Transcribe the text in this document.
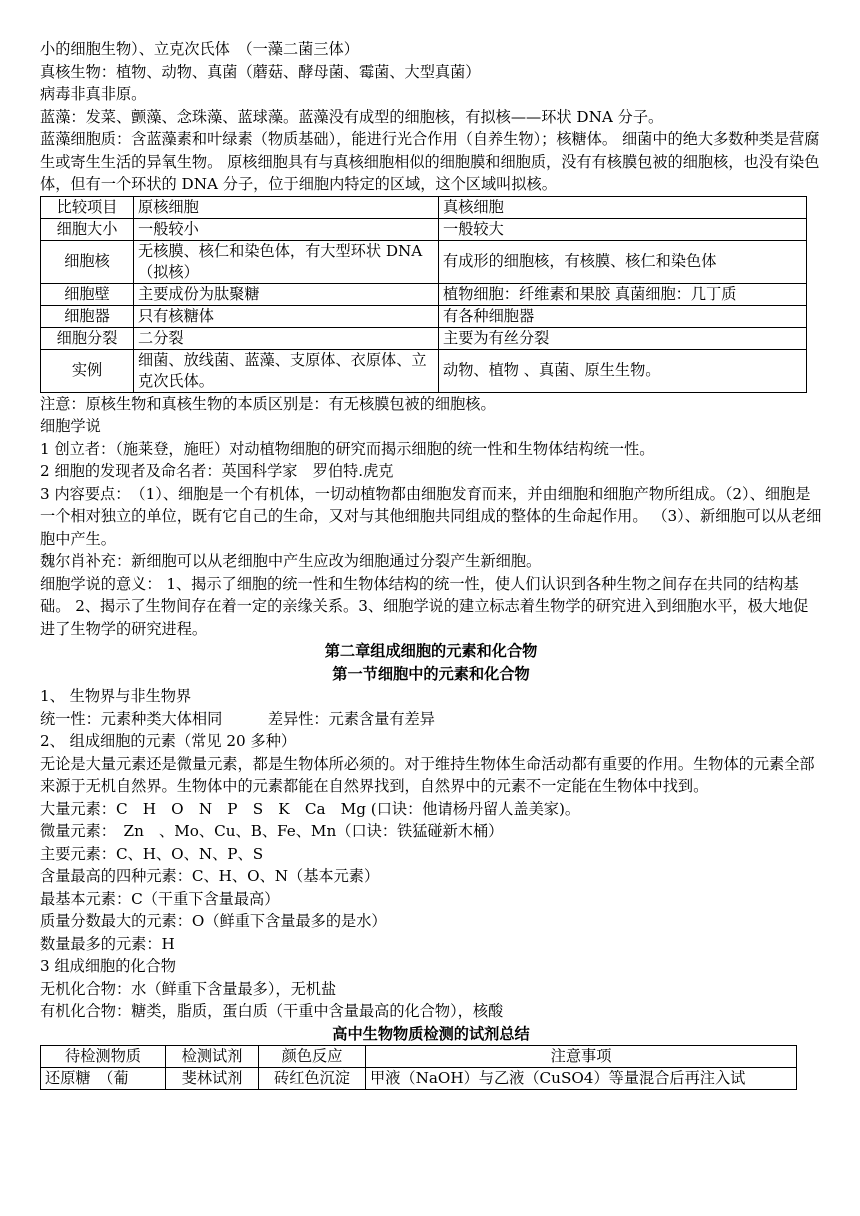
小的细胞生物）、立克次氏体　（一藻二菌三体）

真核生物：植物、动物、真菌（蘑菇、酵母菌、霉菌、大型真菌）

病毒非真非原。

蓝藻：发菜、颤藻、念珠藻、蓝球藻。蓝藻没有成型的细胞核，有拟核——环状 DNA 分子。

蓝藻细胞质：含蓝藻素和叶绿素（物质基础），能进行光合作用（自养生物）；核糖体。 细菌中的绝大多数种类是营腐生或寄生生活的异氧生物。 原核细胞具有与真核细胞相似的细胞膜和细胞质，没有有核膜包被的细胞核，也没有染色体，但有一个环状的 DNA 分子，位于细胞内特定的区域，这个区域叫拟核。

比较项目	原核细胞	真核细胞
细胞大小	一般较小	一般较大
细胞核	无核膜、核仁和染色体，有大型环状 DNA（拟核）	有成形的细胞核，有核膜、核仁和染色体
细胞壁	主要成份为肽聚糖	植物细胞：纤维素和果胶 真菌细胞：几丁质
细胞器	只有核糖体	有各种细胞器
细胞分裂	二分裂	主要为有丝分裂
实例	细菌、放线菌、蓝藻、支原体、衣原体、立克次氏体。	动物、植物 、真菌、原生生物。

注意：原核生物和真核生物的本质区别是：有无核膜包被的细胞核。

细胞学说

1 创立者：（施莱登，施旺）对动植物细胞的研究而揭示细胞的统一性和生物体结构统一性。

2 细胞的发现者及命名者：英国科学家　罗伯特.虎克

3 内容要点：　（1）、细胞是一个有机体，一切动植物都由细胞发育而来，并由细胞和细胞产物所组成。（2）、细胞是一个相对独立的单位，既有它自己的生命，又对与其他细胞共同组成的整体的生命起作用。 （3）、新细胞可以从老细胞中产生。

魏尔肖补充：新细胞可以从老细胞中产生应改为细胞通过分裂产生新细胞。

细胞学说的意义： 1、揭示了细胞的统一性和生物体结构的统一性，使人们认识到各种生物之间存在共同的结构基础。 2、揭示了生物间存在着一定的亲缘关系。3、细胞学说的建立标志着生物学的研究进入到细胞水平，极大地促进了生物学的研究进程。

第二章组成细胞的元素和化合物

第一节细胞中的元素和化合物

1、 生物界与非生物界

统一性：元素种类大体相同　　　差异性：元素含量有差异

2、 组成细胞的元素（常见 20 多种）

无论是大量元素还是微量元素，都是生物体所必须的。对于维持生物体生命活动都有重要的作用。生物体的元素全部来源于无机自然界。生物体中的元素都能在自然界找到，自然界中的元素不一定能在生物体中找到。

大量元素：C　H　O　N　P　S　K　Ca　Mg (口诀：他请杨丹留人盖美家)。

微量元素：　Zn　、Mo、Cu、B、Fe、Mn（口诀：铁猛碰新木桶）

主要元素：C、H、O、N、P、S

含量最高的四种元素：C、H、O、N（基本元素）

最基本元素：C（干重下含量最高）

质量分数最大的元素：O（鲜重下含量最多的是水）

数量最多的元素：H

3 组成细胞的化合物

无机化合物：水（鲜重下含量最多），无机盐

有机化合物：糖类，脂质，蛋白质（干重中含量最高的化合物），核酸

高中生物物质检测的试剂总结

待检测物质	检测试剂	颜色反应	注意事项
还原糖　（葡	斐林试剂	砖红色沉淀	甲液（NaOH）与乙液（CuSO4）等量混合后再注入试
